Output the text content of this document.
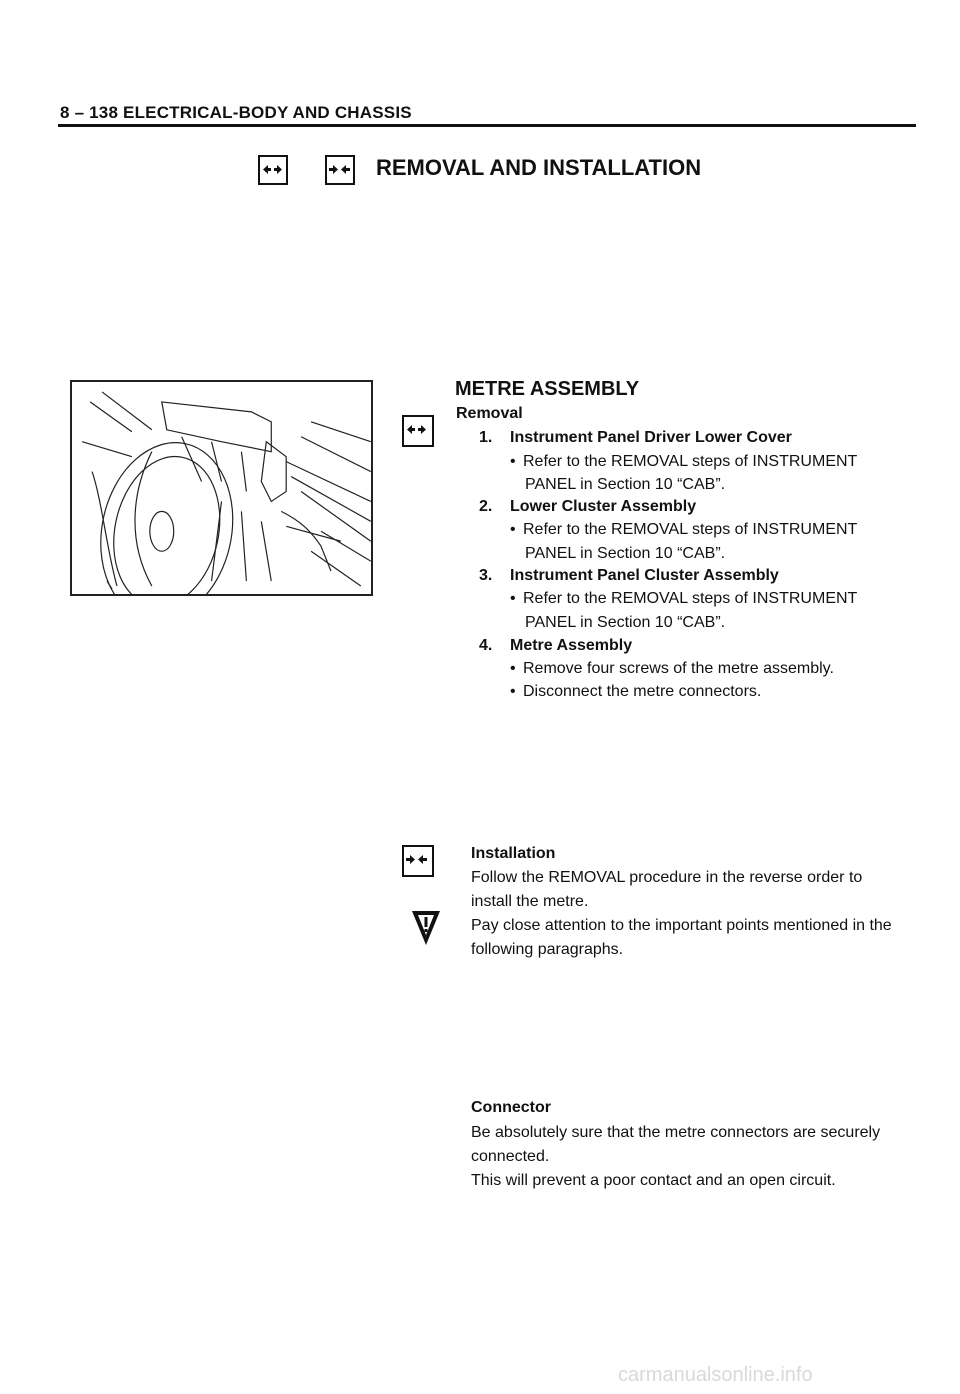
8 – 138 ELECTRICAL-BODY AND CHASSIS
REMOVAL AND INSTALLATION
METRE ASSEMBLY
Removal
1. Instrument Panel Driver Lower Cover
• Refer to the REMOVAL steps of INSTRUMENT
PANEL in Section 10 “CAB”.
2. Lower Cluster Assembly
• Refer to the REMOVAL steps of INSTRUMENT
PANEL in Section 10 “CAB”.
3. Instrument Panel Cluster Assembly
• Refer to the REMOVAL steps of INSTRUMENT
PANEL in Section 10 “CAB”.
4. Metre Assembly
• Remove four screws of the metre assembly.
• Disconnect the metre connectors.
Installation
Follow the REMOVAL procedure in the reverse order to
install the metre.
Pay close attention to the important points mentioned in the
following paragraphs.
Connector
Be absolutely sure that the metre connectors are securely
connected.
This will prevent a poor contact and an open circuit.
carmanualsonline.info
